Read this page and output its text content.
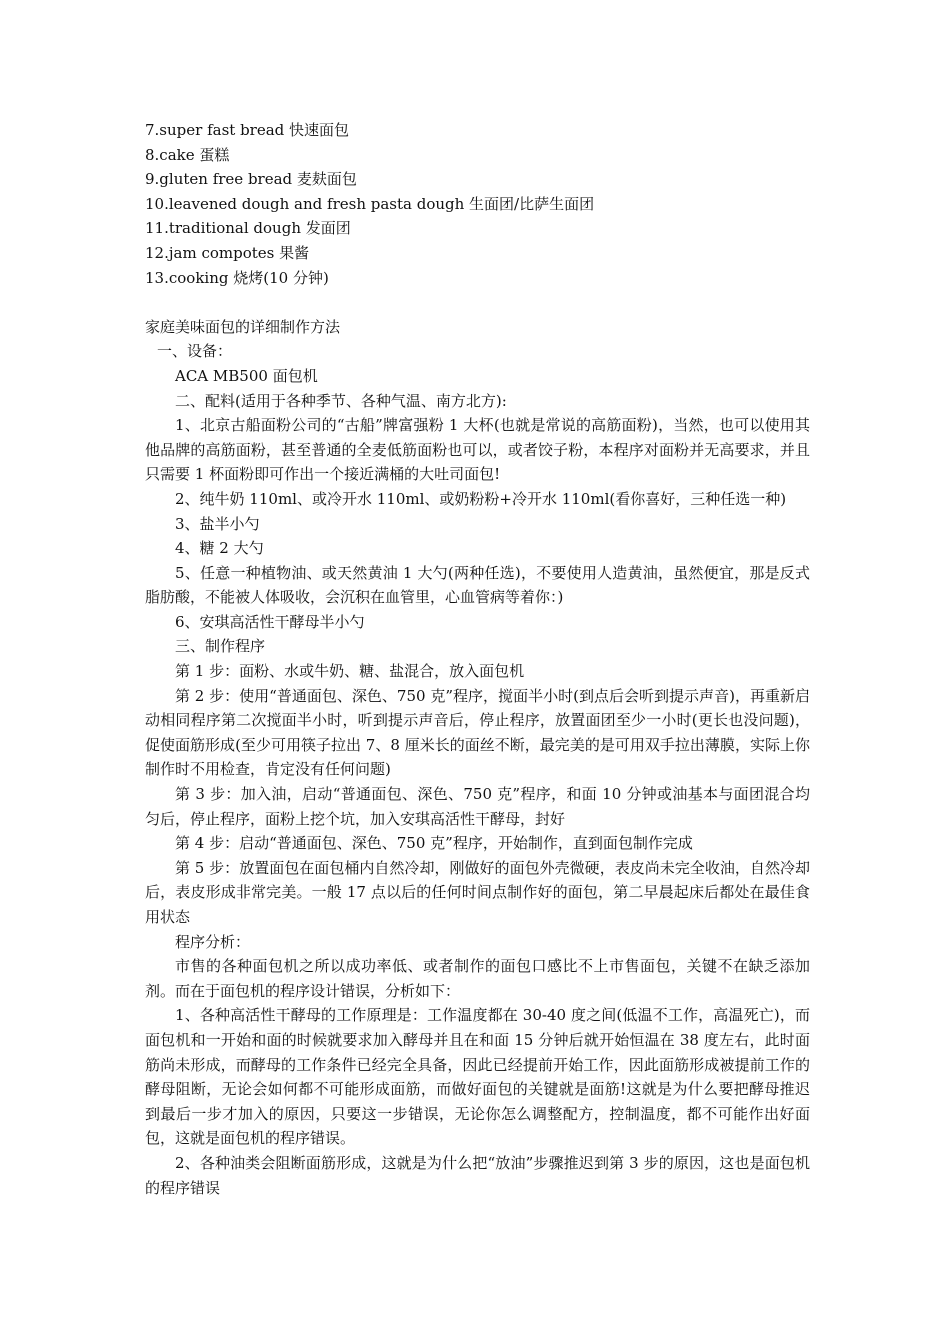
7.super fast bread 快速面包

8.cake 蛋糕

9.gluten free bread 麦麸面包

10.leavened dough and fresh pasta dough 生面团/比萨生面团

11.traditional dough 发面团

12.jam compotes 果酱

13.cooking 烧烤(10 分钟)

家庭美味面包的详细制作方法

一、设备：

ACA MB500 面包机

二、配料(适用于各种季节、各种气温、南方北方):

1、北京古船面粉公司的“古船”牌富强粉 1 大杯(也就是常说的高筋面粉)，当然，也可以使用其他品牌的高筋面粉，甚至普通的全麦低筋面粉也可以，或者饺子粉，本程序对面粉并无高要求，并且只需要 1 杯面粉即可作出一个接近满桶的大吐司面包!

2、纯牛奶 110ml、或冷开水 110ml、或奶粉粉+冷开水 110ml(看你喜好，三种任选一种)

3、盐半小勺

4、糖 2 大勺

5、任意一种植物油、或天然黄油 1 大勺(两种任选)，不要使用人造黄油，虽然便宜，那是反式脂肪酸，不能被人体吸收，会沉积在血管里，心血管病等着你：)

6、安琪高活性干酵母半小勺

三、制作程序

第 1 步：面粉、水或牛奶、糖、盐混合，放入面包机

第 2 步：使用“普通面包、深色、750 克”程序，搅面半小时(到点后会听到提示声音)，再重新启动相同程序第二次搅面半小时，听到提示声音后，停止程序，放置面团至少一小时(更长也没问题)，促使面筋形成(至少可用筷子拉出 7、8 厘米长的面丝不断，最完美的是可用双手拉出薄膜，实际上你制作时不用检查，肯定没有任何问题)

第 3 步：加入油，启动“普通面包、深色、750 克”程序，和面 10 分钟或油基本与面团混合均匀后，停止程序，面粉上挖个坑，加入安琪高活性干酵母，封好

第 4 步：启动“普通面包、深色、750 克”程序，开始制作，直到面包制作完成

第 5 步：放置面包在面包桶内自然冷却，刚做好的面包外壳微硬，表皮尚未完全收油，自然冷却后，表皮形成非常完美。一般 17 点以后的任何时间点制作好的面包，第二早晨起床后都处在最佳食用状态

程序分析：

市售的各种面包机之所以成功率低、或者制作的面包口感比不上市售面包，关键不在缺乏添加剂。而在于面包机的程序设计错误，分析如下：

1、各种高活性干酵母的工作原理是：工作温度都在 30-40 度之间(低温不工作，高温死亡)，而面包机和一开始和面的时候就要求加入酵母并且在和面 15 分钟后就开始恒温在 38 度左右，此时面筋尚未形成，而酵母的工作条件已经完全具备，因此已经提前开始工作，因此面筋形成被提前工作的酵母阻断，无论会如何都不可能形成面筋，而做好面包的关键就是面筋!这就是为什么要把酵母推迟到最后一步才加入的原因，只要这一步错误，无论你怎么调整配方，控制温度，都不可能作出好面包，这就是面包机的程序错误。

2、各种油类会阻断面筋形成，这就是为什么把“放油”步骤推迟到第 3 步的原因，这也是面包机的程序错误
